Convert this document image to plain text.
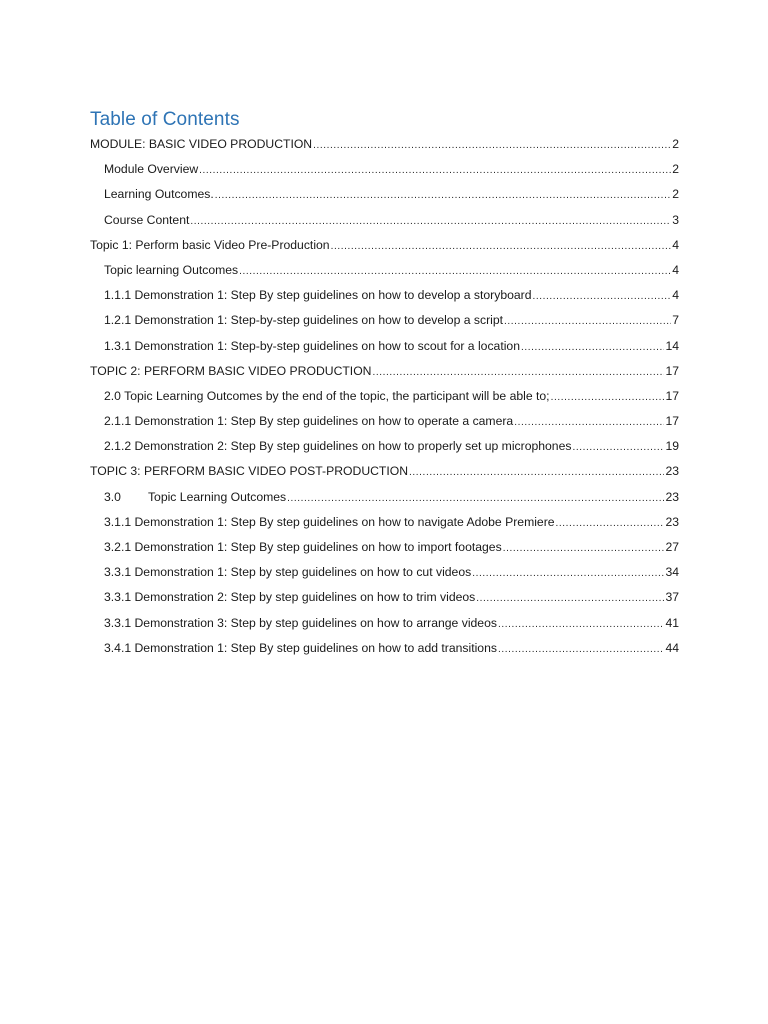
Table of Contents
MODULE: BASIC VIDEO PRODUCTION .....	2
Module Overview .....	2
Learning Outcomes. .....	2
Course Content .....	3
Topic 1: Perform basic Video Pre-Production .....	4
Topic learning Outcomes .....	4
1.1.1 Demonstration 1: Step By step guidelines on how to develop a storyboard .....	4
1.2.1 Demonstration 1: Step-by-step guidelines on how to develop a script .....	7
1.3.1 Demonstration 1: Step-by-step guidelines on how to scout for a location .....	14
TOPIC 2: PERFORM BASIC VIDEO PRODUCTION .....	17
2.0 Topic Learning Outcomes by the end of the topic, the participant will be able to; .....	17
2.1.1 Demonstration 1: Step By step guidelines on how to operate a camera .....	17
2.1.2 Demonstration 2: Step By step guidelines on how to properly set up microphones .....	19
TOPIC 3: PERFORM BASIC VIDEO POST-PRODUCTION .....	23
3.0 Topic Learning Outcomes .....	23
3.1.1 Demonstration 1: Step By step guidelines on how to navigate Adobe Premiere .....	23
3.2.1 Demonstration 1: Step By step guidelines on how to import footages .....	27
3.3.1 Demonstration 1: Step by step guidelines on how to cut videos .....	34
3.3.1 Demonstration 2: Step by step guidelines on how to trim videos .....	37
3.3.1 Demonstration 3: Step by step guidelines on how to arrange videos .....	41
3.4.1 Demonstration 1: Step By step guidelines on how to add transitions .....	44
